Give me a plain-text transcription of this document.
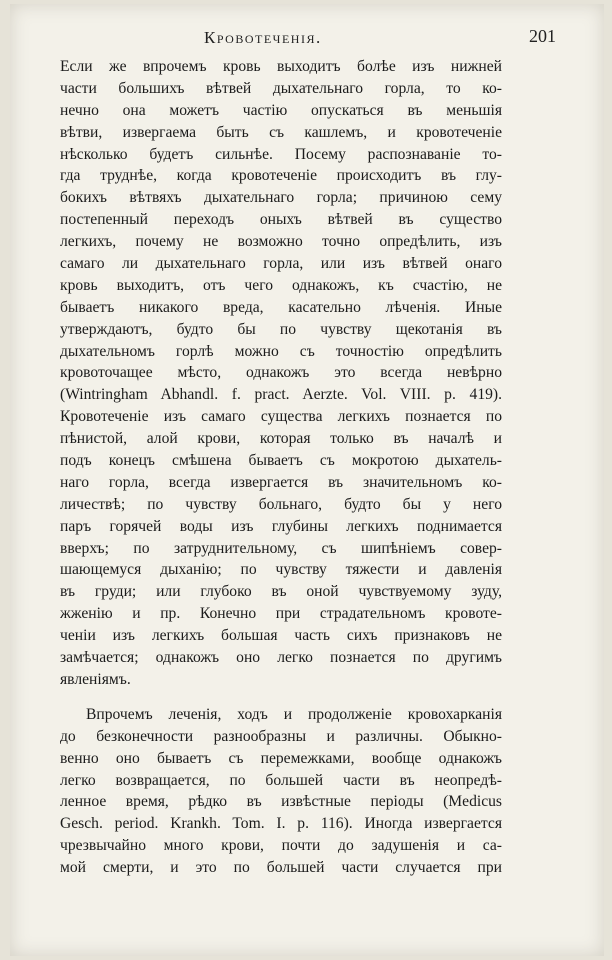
Кровотеченія.	201
Если же впрочемъ кровь выходитъ болѣе изъ нижней
части большихъ вѣтвей дыхательнаго горла, то ко-
нечно она можетъ частію опускаться въ меньшія
вѣтви, извергаема быть съ кашлемъ, и кровотеченіе
нѣсколько будетъ сильнѣе. Посему распознаваніе то-
гда труднѣе, когда кровотеченіе происходитъ въ глу-
бокихъ вѣтвяхъ дыхательнаго горла; причиною сему
постепенный переходъ оныхъ вѣтвей въ существо
легкихъ, почему не возможно точно опредѣлить, изъ
самаго ли дыхательнаго горла, или изъ вѣтвей онаго
кровь выходитъ, отъ чего однакожъ, къ счастію, не
бываетъ никакого вреда, касательно лѣченія. Иные
утверждаютъ, будто бы по чувству щекотанія въ
дыхательномъ горлѣ можно съ точностію опредѣлить
кровоточащее мѣсто, однакожъ это всегда невѣрно
(Wintringham Abhandl. f. pract. Aerzte. Vol. VIII. p. 419).
Кровотеченіе изъ самаго существа легкихъ познается по
пѣнистой, алой крови, которая только въ началѣ и
подъ конецъ смѣшена бываетъ съ мокротою дыхатель-
наго горла, всегда извергается въ значительномъ ко-
личествѣ; по чувству больнаго, будто бы у него
паръ горячей воды изъ глубины легкихъ поднимается
вверхъ; по затруднительному, съ шипѣніемъ совер-
шающемуся дыханію; по чувству тяжести и давленія
въ груди; или глубоко въ оной чувствуемому зуду,
жженію и пр. Конечно при страдательномъ кровоте-
ченіи изъ легкихъ большая часть сихъ признаковъ не
замѣчается; однакожъ оно легко познается по другимъ
явленіямъ.
Впрочемъ леченія, ходъ и продолженіе кровохарканія
до безконечности разнообразны и различны. Обыкно-
венно оно бываетъ съ перемежками, вообще однакожъ
легко возвращается, по большей части въ неопредѣ-
ленное время, рѣдко въ извѣстные періоды (Medicus
Gesch. period. Krankh. Tom. I. p. 116). Иногда извергается
чрезвычайно много крови, почти до задушенія и са-
мой смерти, и это по большей части случается при
